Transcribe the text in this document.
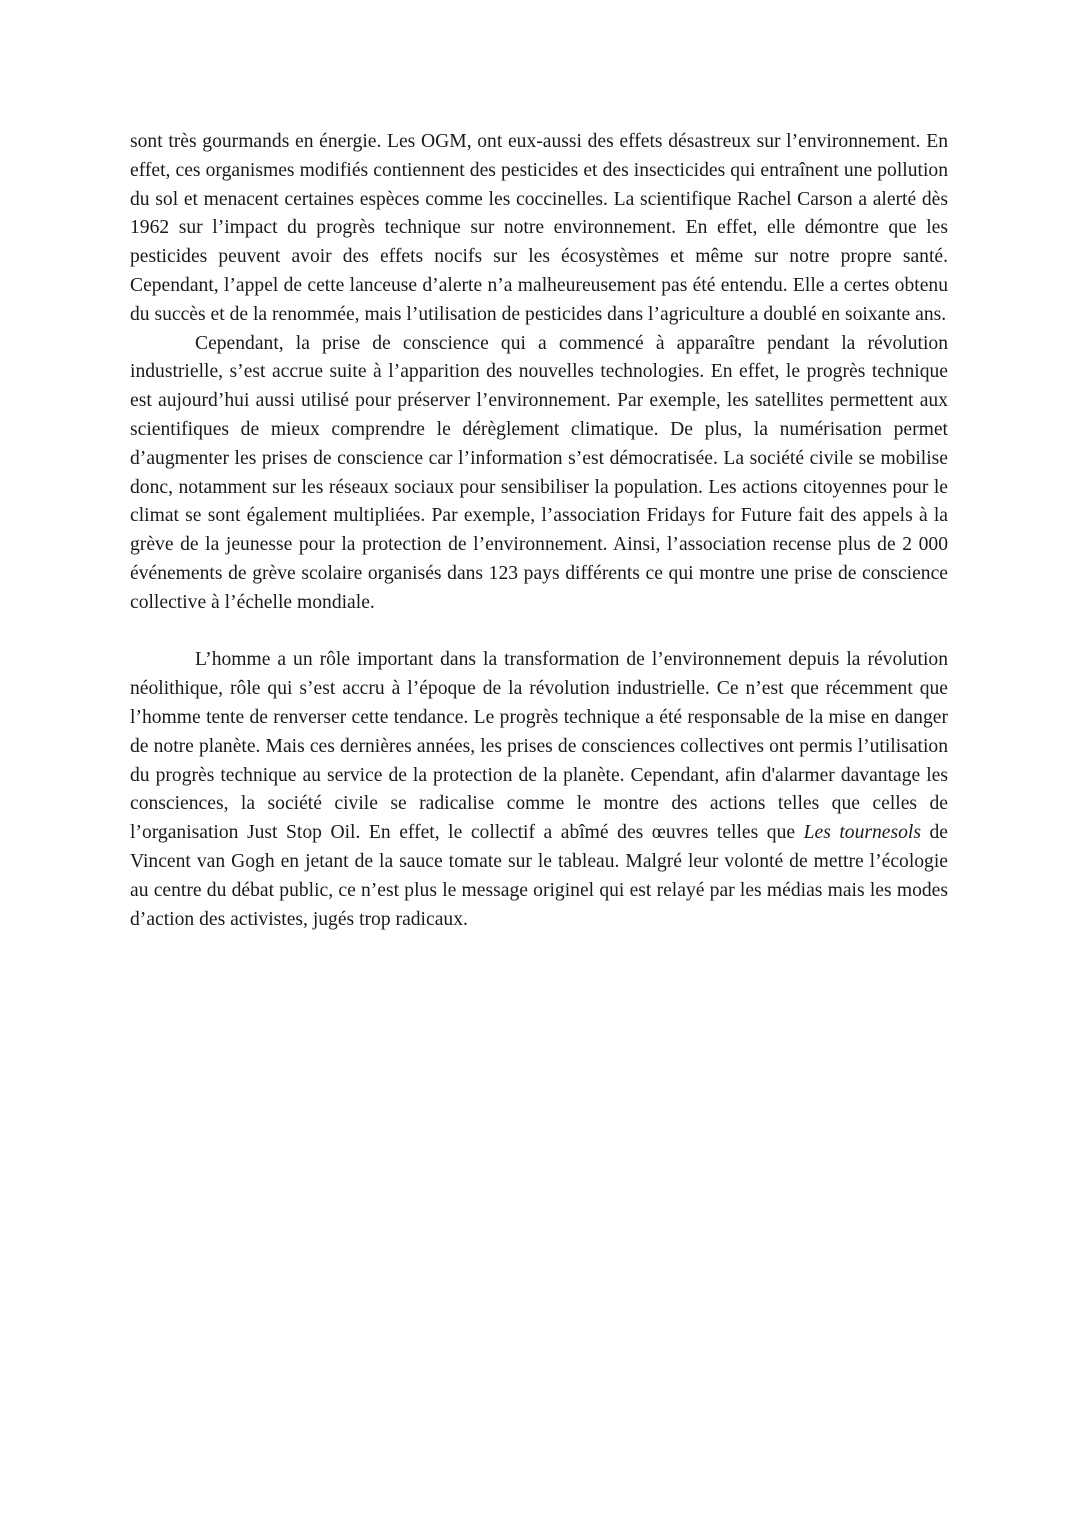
sont très gourmands en énergie. Les OGM, ont eux-aussi des effets désastreux sur l’environnement. En effet, ces organismes modifiés contiennent des pesticides et des insecticides qui entraînent une pollution du sol et menacent certaines espèces comme les coccinelles. La scientifique Rachel Carson a alerté dès 1962 sur l’impact du progrès technique sur notre environnement. En effet, elle démontre que les pesticides peuvent avoir des effets nocifs sur les écosystèmes et même sur notre propre santé. Cependant, l’appel de cette lanceuse d’alerte n’a malheureusement pas été entendu. Elle a certes obtenu du succès et de la renommée, mais l’utilisation de pesticides dans l’agriculture a doublé en soixante ans.

Cependant, la prise de conscience qui a commencé à apparaître pendant la révolution industrielle, s’est accrue suite à l’apparition des nouvelles technologies. En effet, le progrès technique est aujourd’hui aussi utilisé pour préserver l’environnement. Par exemple, les satellites permettent aux scientifiques de mieux comprendre le dérèglement climatique. De plus, la numérisation permet d’augmenter les prises de conscience car l’information s’est démocratisée. La société civile se mobilise donc, notamment sur les réseaux sociaux pour sensibiliser la population. Les actions citoyennes pour le climat se sont également multipliées. Par exemple, l’association Fridays for Future fait des appels à la grève de la jeunesse pour la protection de l’environnement. Ainsi, l’association recense plus de 2 000 événements de grève scolaire organisés dans 123 pays différents ce qui montre une prise de conscience collective à l’échelle mondiale.

L’homme a un rôle important dans la transformation de l’environnement depuis la révolution néolithique, rôle qui s’est accru à l’époque de la révolution industrielle. Ce n’est que récemment que l’homme tente de renverser cette tendance. Le progrès technique a été responsable de la mise en danger de notre planète. Mais ces dernières années, les prises de consciences collectives ont permis l’utilisation du progrès technique au service de la protection de la planète. Cependant, afin d'alarmer davantage les consciences, la société civile se radicalise comme le montre des actions telles que celles de l’organisation Just Stop Oil. En effet, le collectif a abîmé des œuvres telles que Les tournesols de Vincent van Gogh en jetant de la sauce tomate sur le tableau. Malgré leur volonté de mettre l’écologie au centre du débat public, ce n’est plus le message originel qui est relayé par les médias mais les modes d’action des activistes, jugés trop radicaux.
